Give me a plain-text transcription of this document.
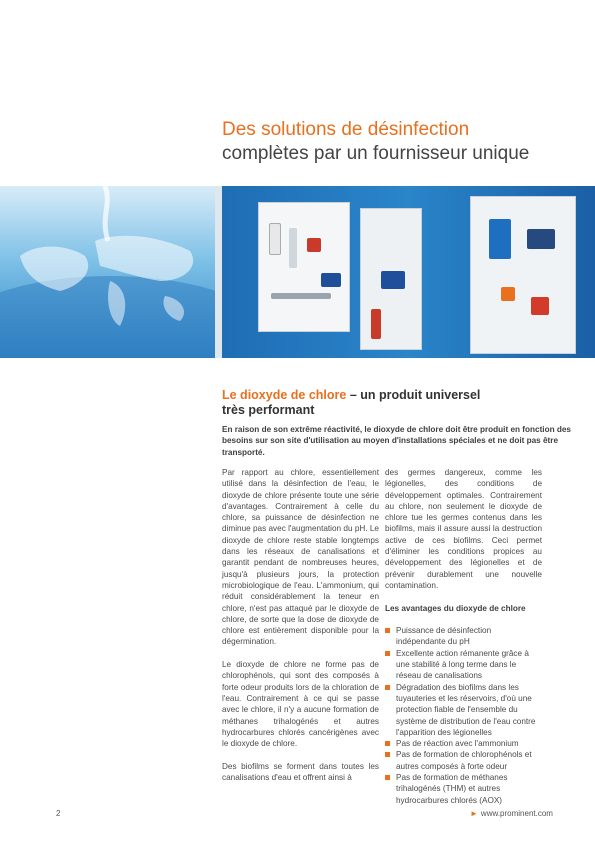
Des solutions de désinfection
complètes par un fournisseur unique
Le dioxyde de chlore – un produit universel
très performant
En raison de son extrême réactivité, le dioxyde de chlore doit être produit en fonction des besoins sur son site d'utilisation au moyen d'installations spéciales et ne doit pas être transporté.

Par rapport au chlore, essentiellement utilisé dans la désinfection de l'eau, le dioxyde de chlore présente toute une série d'avantages. Contrairement à celle du chlore, sa puissance de désinfection ne diminue pas avec l'augmentation du pH. Le dioxyde de chlore reste stable longtemps dans les réseaux de canalisations et garantit pendant de nombreuses heures, jusqu'à plusieurs jours, la protection microbiologique de l'eau. L'ammonium, qui réduit considérablement la teneur en chlore, n'est pas attaqué par le dioxyde de chlore, de sorte que la dose de dioxyde de chlore est entièrement disponible pour la dégermination.

Le dioxyde de chlore ne forme pas de chlorophénols, qui sont des composés à forte odeur produits lors de la chloration de l'eau. Contrairement à ce qui se passe avec le chlore, il n'y a aucune formation de méthanes trihalogénés et autres hydrocarbures chlorés cancérigènes avec le dioxyde de chlore.

Des biofilms se forment dans toutes les canalisations d'eau et offrent ainsi à

des germes dangereux, comme les légionelles, des conditions de développement optimales. Contrairement au chlore, non seulement le dioxyde de chlore tue les germes contenus dans les biofilms, mais il assure aussi la destruction active de ces biofilms. Ceci permet d'éliminer les conditions propices au développement des légionelles et de prévenir durablement une nouvelle contamination.

Les avantages du dioxyde de chlore

Puissance de désinfection indépendante du pH
Excellente action rémanente grâce à une stabilité à long terme dans le réseau de canalisations
Dégradation des biofilms dans les tuyauteries et les réservoirs, d'où une protection fiable de l'ensemble du système de distribution de l'eau contre l'apparition des légionelles
Pas de réaction avec l'ammonium
Pas de formation de chlorophénols et autres composés à forte odeur
Pas de formation de méthanes trihalogénés (THM) et autres hydrocarbures chlorés (AOX)
2	► www.prominent.com
